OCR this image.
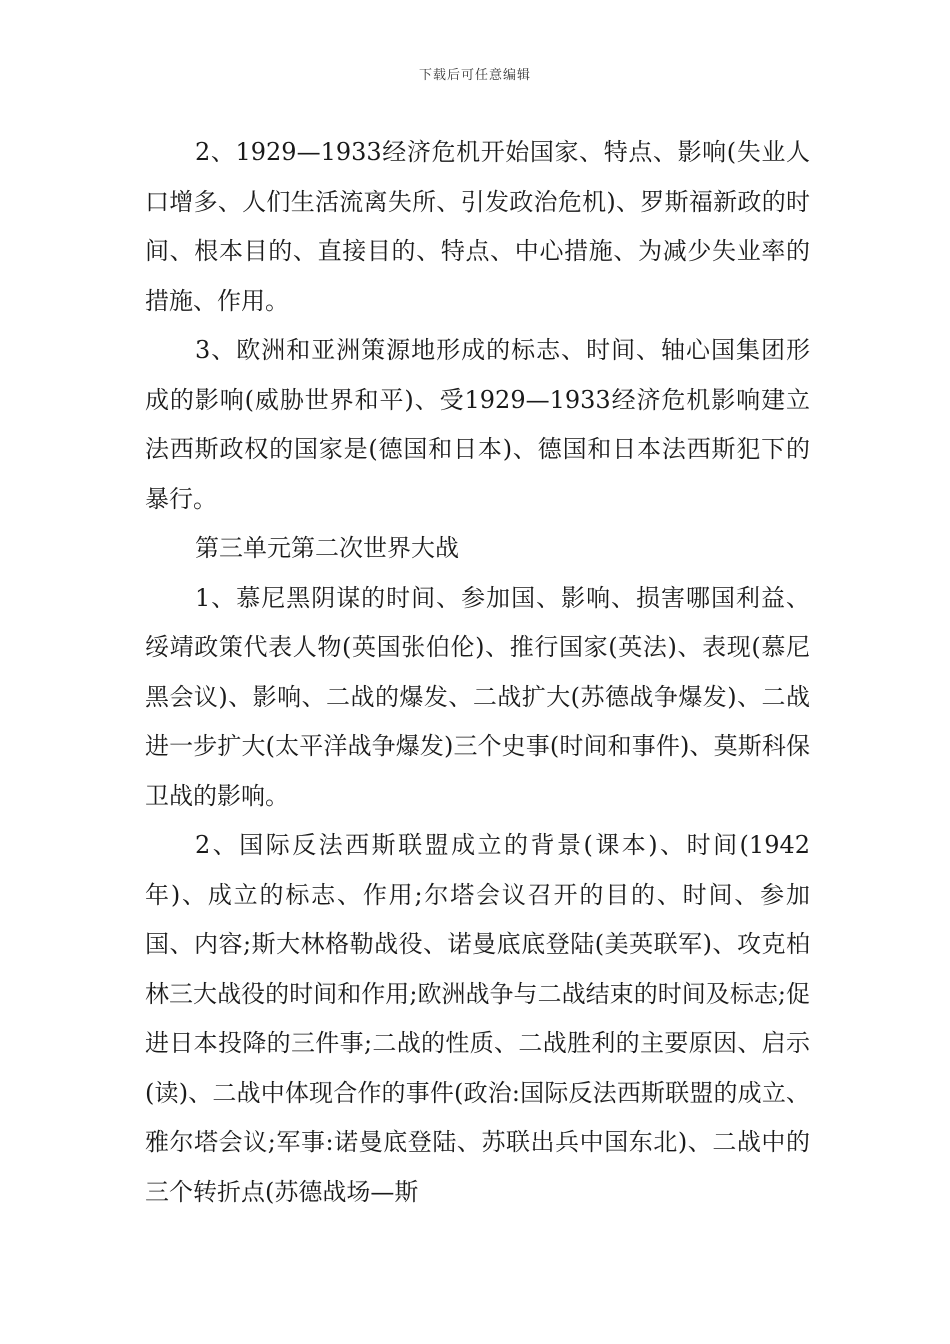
下载后可任意编辑

2、1929—1933经济危机开始国家、特点、影响(失业人口增多、人们生活流离失所、引发政治危机)、罗斯福新政的时间、根本目的、直接目的、特点、中心措施、为减少失业率的措施、作用。

3、欧洲和亚洲策源地形成的标志、时间、轴心国集团形成的影响(威胁世界和平)、受1929—1933经济危机影响建立法西斯政权的国家是(德国和日本)、德国和日本法西斯犯下的暴行。

第三单元第二次世界大战

1、慕尼黑阴谋的时间、参加国、影响、损害哪国利益、绥靖政策代表人物(英国张伯伦)、推行国家(英法)、表现(慕尼黑会议)、影响、二战的爆发、二战扩大(苏德战争爆发)、二战进一步扩大(太平洋战争爆发)三个史事(时间和事件)、莫斯科保卫战的影响。

2、国际反法西斯联盟成立的背景(课本)、时间(1942年)、成立的标志、作用;尔塔会议召开的目的、时间、参加国、内容;斯大林格勒战役、诺曼底底登陆(美英联军)、攻克柏林三大战役的时间和作用;欧洲战争与二战结束的时间及标志;促进日本投降的三件事;二战的性质、二战胜利的主要原因、启示(读)、二战中体现合作的事件(政治:国际反法西斯联盟的成立、雅尔塔会议;军事:诺曼底登陆、苏联出兵中国东北)、二战中的三个转折点(苏德战场—斯
